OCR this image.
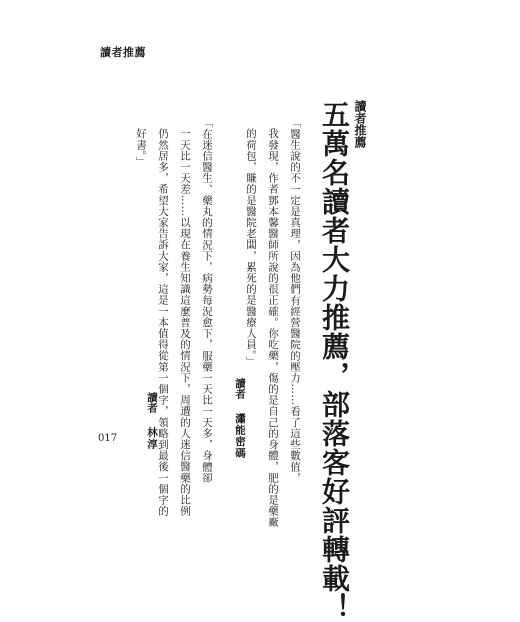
讀者推薦
讀者推薦
五萬名讀者大力推薦，部落客好評轉載！
「醫生說的不一定是真理，因為他們有經營醫院的壓力……看了這些數值，
我發現，作者鄧本馨醫師所說的很正確。你吃藥，傷的是自己的身體，肥的是藥廠
的荷包，賺的是醫院老闆，累死的是醫療人員。」
讀者瀟能密碼
「在迷信醫生、藥丸的情況下，病勢每況愈下，服藥一天比一天多，身體卻
一天比一天差……以現在養生知識這麼普及的情況下，周遭的人迷信醫藥的比例
仍然居多，希望大家告訴大家，這是一本值得從第一個字，領略到最後一個字的
好書。」
讀者林淳
017
